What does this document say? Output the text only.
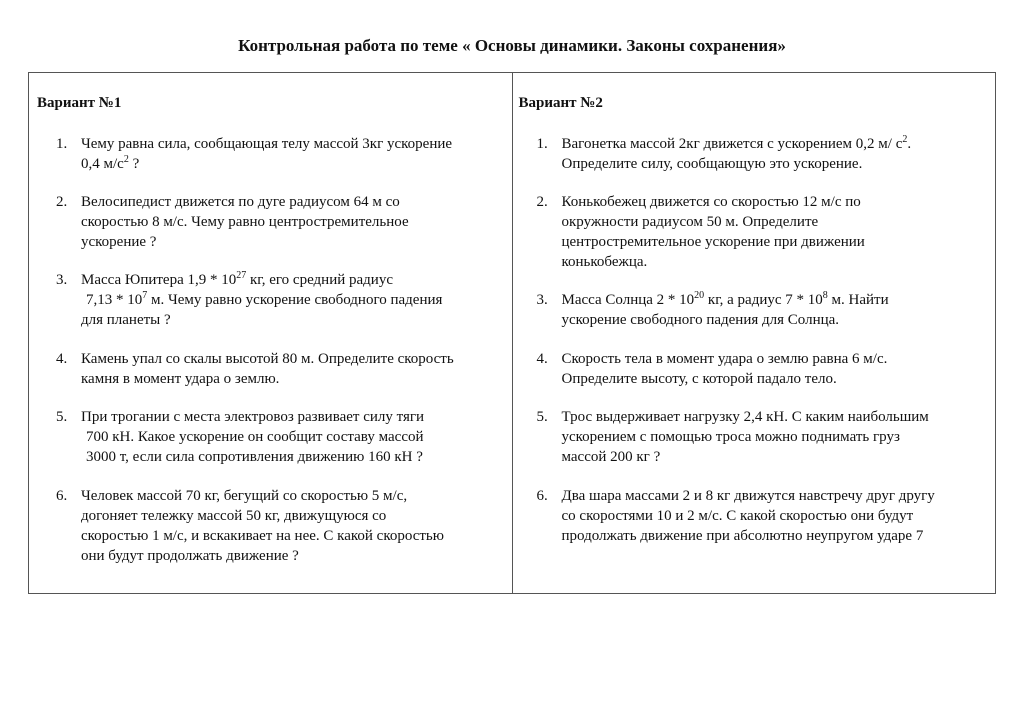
Контрольная работа по теме « Основы динамики. Законы сохранения»
Вариант №1
1. Чему равна сила, сообщающая телу массой 3кг ускорение
0,4 $м/с^2$ ?
2. Велосипедист движется по дуге радиусом 64 м со
скоростью 8 м/с. Чему равно центростремительное
ускорение ?
3. Масса Юпитера $1,9 * 10^{27}$ кг, его средний радиус
$7,13 * 10^7$ м. Чему равно ускорение свободного падения
для планеты ?
4. Камень упал со скалы высотой 80 м. Определите скорость
камня в момент удара о землю.
5. При трогании с места электровоз развивает силу тяги
700 кН. Какое ускорение он сообщит составу массой
3000 т, если сила сопротивления движению 160 кН ?
6. Человек массой 70 кг, бегущий со скоростью 5 м/с,
догоняет тележку массой 50 кг, движущуюся со
скоростью 1 м/с, и вскакивает на нее. С какой скоростью
они будут продолжать движение ?
Вариант №2
1. Вагонетка массой 2кг движется с ускорением 0,2 м/ $с^2$.
Определите силу, сообщающую это ускорение.
2. Конькобежец движется со скоростью 12 м/с по
окружности радиусом 50 м. Определите
центростремительное ускорение при движении
конькобежца.
3. Масса Солнца $2 * 10^{20}$ кг, а радиус $7 * 10^8$ м. Найти
ускорение свободного падения для Солнца.
4. Скорость тела в момент удара о землю равна 6 м/с.
Определите высоту, с которой падало тело.
5. Трос выдерживает нагрузку 2,4 кН. С каким наибольшим
ускорением с помощью троса можно поднимать груз
массой 200 кг ?
6. Два шара массами 2 и 8 кг движутся навстречу друг другу
со скоростями 10 и 2 м/с. С какой скоростью они будут
продолжать движение при абсолютно неупругом ударе 7
